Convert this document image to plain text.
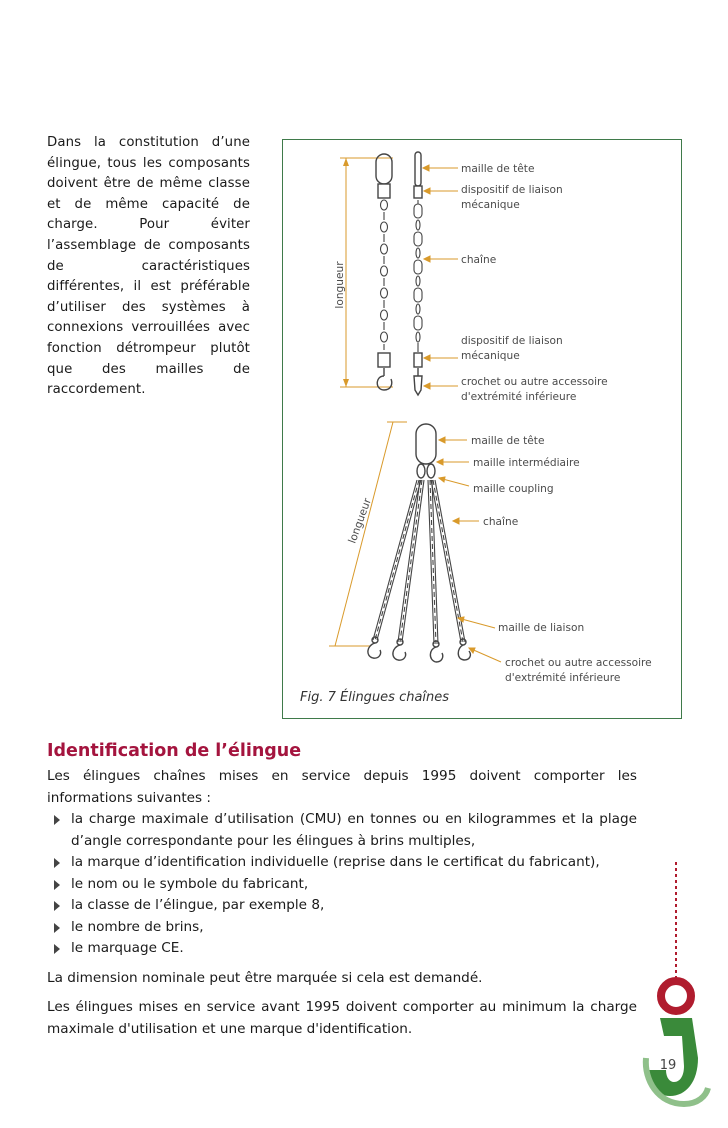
Dans la constitution d’une élingue, tous les composants doivent être de même classe et de même capacité de charge. Pour éviter l’assemblage de composants de caractéristiques différentes, il est préférable d’utiliser des systèmes à connexions verrouillées avec fonction détrompeur plutôt que des mailles de raccordement.
longueur
maille de tête
dispositif de liaison
mécanique
chaîne
dispositif de liaison
mécanique
crochet ou autre accessoire
d'extrémité inférieure
longueur
maille de tête
maille intermédiaire
maille coupling
chaîne
maille de liaison
crochet ou autre accessoire
d'extrémité inférieure
Fig. 7 Élingues chaînes
Identification de l’élingue

Les élingues chaînes mises en service depuis 1995 doivent comporter les informations suivantes :

la charge maximale d’utilisation (CMU) en tonnes ou en kilogrammes et la plage d’angle correspondante pour les élingues à brins multiples,
la marque d’identification individuelle (reprise dans le certificat du fabricant),
le nom ou le symbole du fabricant,
la classe de l’élingue, par exemple 8,
le nombre de brins,
le marquage CE.

La dimension nominale peut être marquée si cela est demandé.

Les élingues mises en service avant 1995 doivent comporter au minimum la charge maximale d'utilisation et une marque d'identification.

19
